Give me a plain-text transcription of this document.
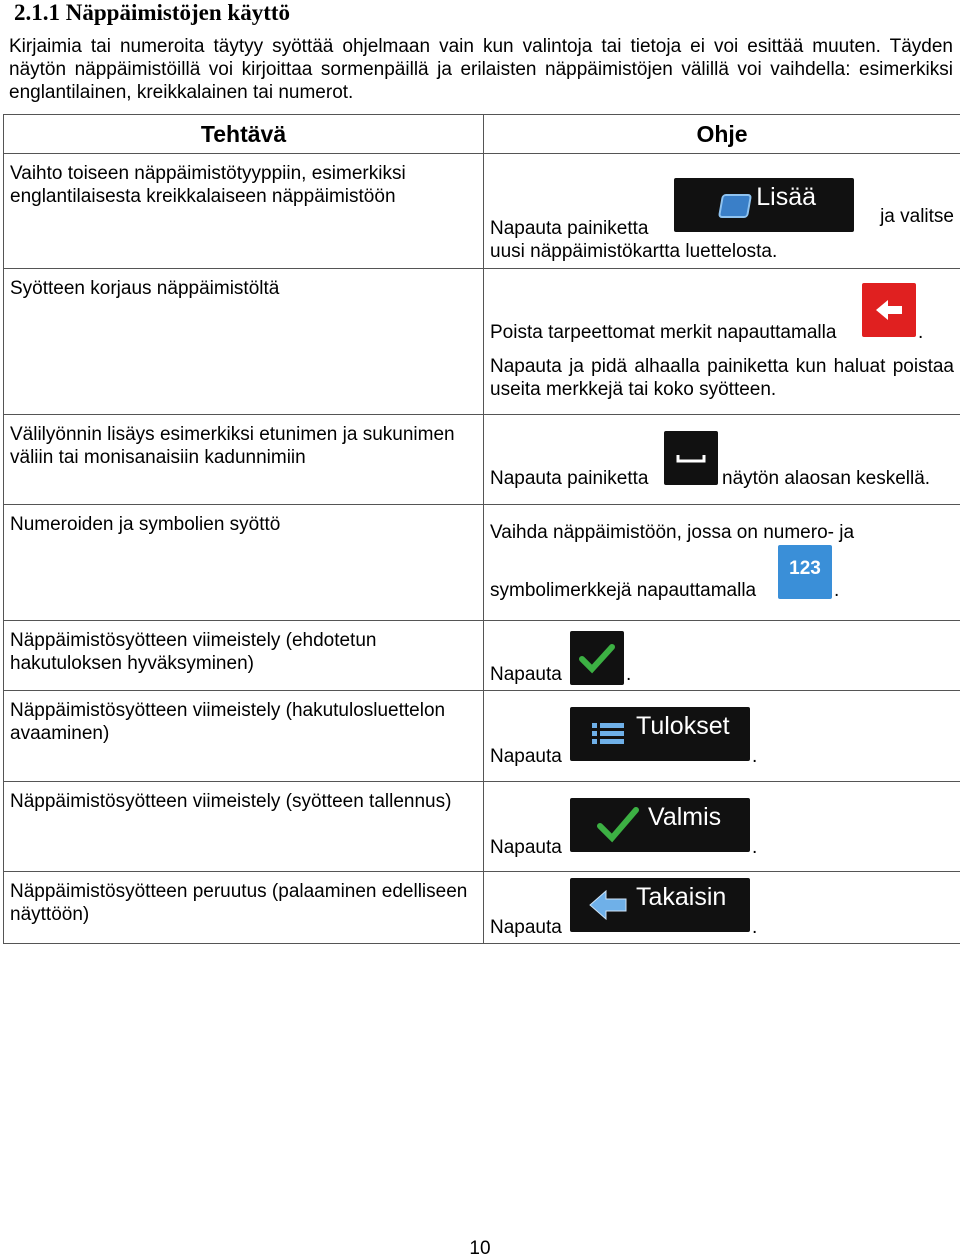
2.1.1 Näppäimistöjen käyttö
Kirjaimia tai numeroita täytyy syöttää ohjelmaan vain kun valintoja tai tietoja ei voi esittää muuten. Täyden näytön näppäimistöillä voi kirjoittaa sormenpäillä ja erilaisten näppäimistöjen välillä voi vaihdella: esimerkiksi englantilainen, kreikkalainen tai numerot.
Tehtävä	Ohje
Vaihto toiseen näppäimistötyyppiin, esimerkiksi englantilaisesta kreikkalaiseen näppäimistöön	Napauta painiketta
Lisää
ja valitse
uusi näppäimistökartta luettelosta.

Syötteen korjaus näppäimistöltä	Poista tarpeettomat merkit napauttamalla .
Napauta ja pidä alhaalla painiketta kun haluat poistaa useita merkkejä tai koko syötteen.

Välilyönnin lisäys esimerkiksi etunimen ja sukunimen väliin tai monisanaisiin kadunnimiin	Napauta painiketta näytön alaosan keskellä.

Numeroiden ja symbolien syöttö	Vaihda näppäimistöön, jossa on numero- ja
symbolimerkkejä napauttamalla
123
.

Näppäimistösyötteen viimeistely (ehdotetun hakutuloksen hyväksyminen)	Napauta .

Näppäimistösyötteen viimeistely (hakutulosluettelon avaaminen)	Napauta
Tulokset
.

Näppäimistösyötteen viimeistely (syötteen tallennus)	Napauta
Valmis
.

Näppäimistösyötteen peruutus (palaaminen edelliseen näyttöön)	Napauta
Takaisin
.
10
